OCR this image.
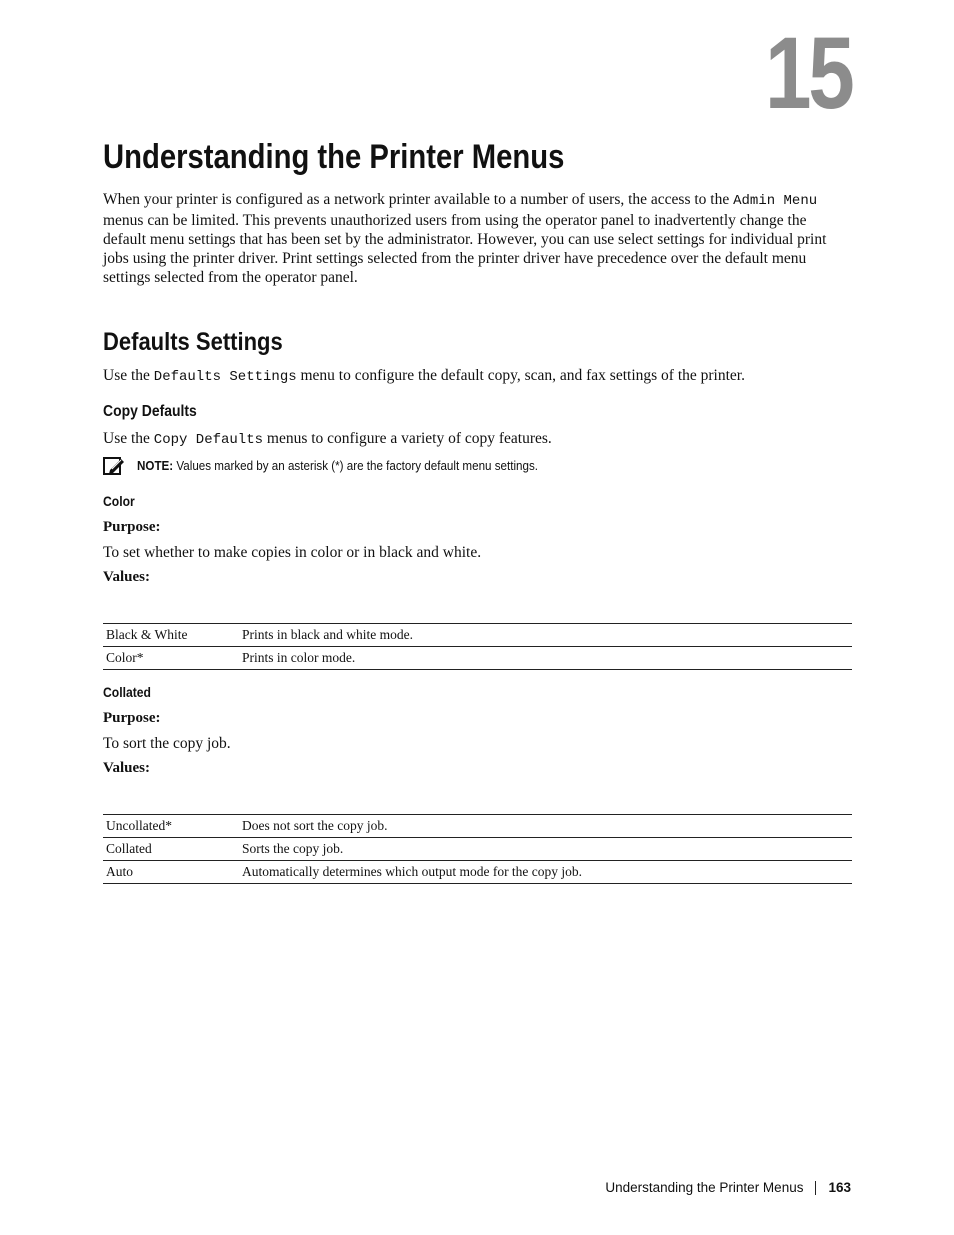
15
Understanding the Printer Menus

When your printer is configured as a network printer available to a number of users, the access to the Admin Menu menus can be limited. This prevents unauthorized users from using the operator panel to inadvertently change the default menu settings that has been set by the administrator. However, you can use select settings for individual print jobs using the printer driver. Print settings selected from the printer driver have precedence over the default menu settings selected from the operator panel.

Defaults Settings

Use the Defaults Settings menu to configure the default copy, scan, and fax settings of the printer.

Copy Defaults

Use the Copy Defaults menus to configure a variety of copy features.

NOTE: Values marked by an asterisk (*) are the factory default menu settings.
Color

Purpose:

To set whether to make copies in color or in black and white.

Values:

Black & White	Prints in black and white mode.
Color*	Prints in color mode.
Collated

Purpose:

To sort the copy job.

Values:

Uncollated*	Does not sort the copy job.
Collated	Sorts the copy job.
Auto	Automatically determines which output mode for the copy job.
Understanding the Printer Menus 163
